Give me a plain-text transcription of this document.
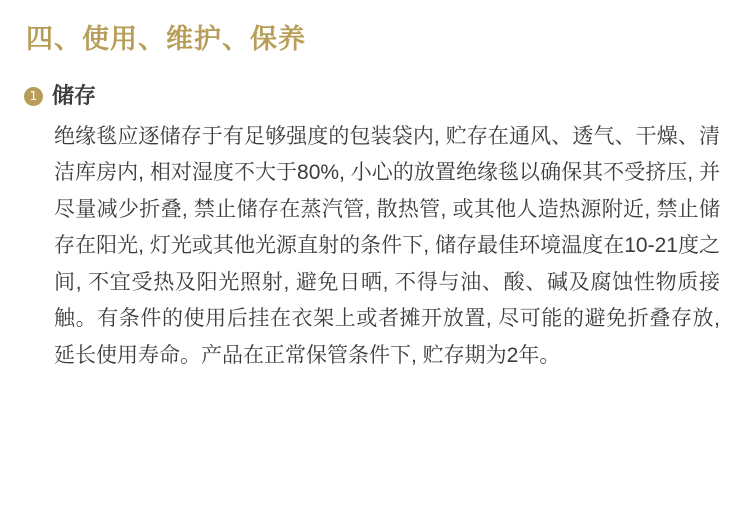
四、使用、维护、保养
1 储存

绝缘毯应逐储存于有足够强度的包装袋内, 贮存在通风、透气、干燥、清洁库房内, 相对湿度不大于80%, 小心的放置绝缘毯以确保其不受挤压, 并尽量减少折叠, 禁止储存在蒸汽管, 散热管, 或其他人造热源附近, 禁止储存在阳光, 灯光或其他光源直射的条件下, 储存最佳环境温度在10-21度之间, 不宜受热及阳光照射, 避免日晒, 不得与油、酸、碱及腐蚀性物质接触。有条件的使用后挂在衣架上或者摊开放置, 尽可能的避免折叠存放, 延长使用寿命。产品在正常保管条件下, 贮存期为2年。
